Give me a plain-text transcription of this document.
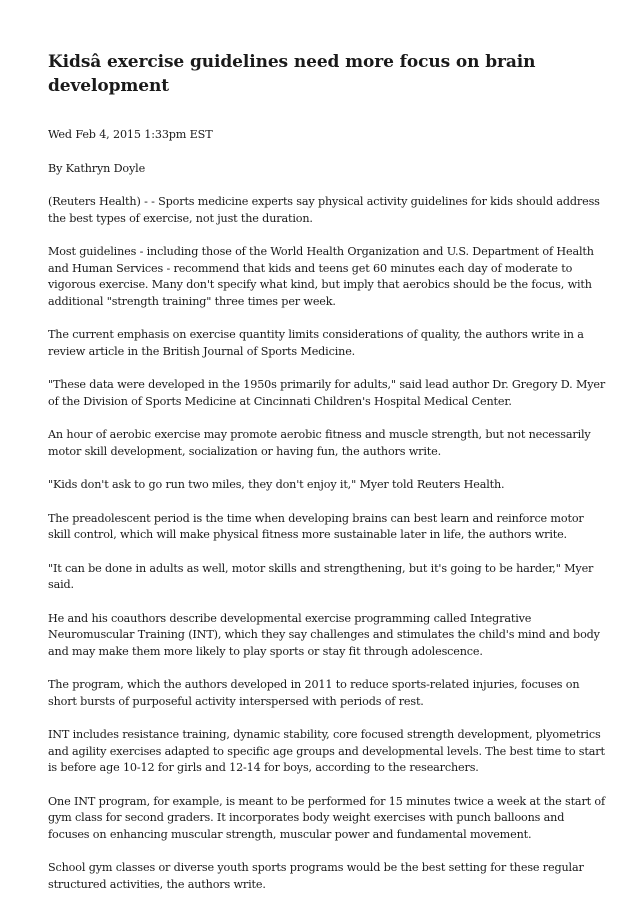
Kidsâ exercise guidelines need more focus on brain development

Wed Feb 4, 2015 1:33pm EST

By Kathryn Doyle

(Reuters Health) - - Sports medicine experts say physical activity guidelines for kids should address the best types of exercise, not just the duration.

Most guidelines - including those of the World Health Organization and U.S. Department of Health and Human Services - recommend that kids and teens get 60 minutes each day of moderate to vigorous exercise. Many don't specify what kind, but imply that aerobics should be the focus, with additional "strength training" three times per week.

The current emphasis on exercise quantity limits considerations of quality, the authors write in a review article in the British Journal of Sports Medicine.

"These data were developed in the 1950s primarily for adults," said lead author Dr. Gregory D. Myer of the Division of Sports Medicine at Cincinnati Children's Hospital Medical Center.

An hour of aerobic exercise may promote aerobic fitness and muscle strength, but not necessarily motor skill development, socialization or having fun, the authors write.

"Kids don't ask to go run two miles, they don't enjoy it," Myer told Reuters Health.

The preadolescent period is the time when developing brains can best learn and reinforce motor skill control, which will make physical fitness more sustainable later in life, the authors write.

"It can be done in adults as well, motor skills and strengthening, but it's going to be harder," Myer said.

He and his coauthors describe developmental exercise programming called Integrative Neuromuscular Training (INT), which they say challenges and stimulates the child's mind and body and may make them more likely to play sports or stay fit through adolescence.

The program, which the authors developed in 2011 to reduce sports-related injuries, focuses on short bursts of purposeful activity interspersed with periods of rest.

INT includes resistance training, dynamic stability, core focused strength development, plyometrics and agility exercises adapted to specific age groups and developmental levels. The best time to start is before age 10-12 for girls and 12-14 for boys, according to the researchers.

One INT program, for example, is meant to be performed for 15 minutes twice a week at the start of gym class for second graders. It incorporates body weight exercises with punch balloons and focuses on enhancing muscular strength, muscular power and fundamental movement.

School gym classes or diverse youth sports programs would be the best setting for these regular structured activities, the authors write.
